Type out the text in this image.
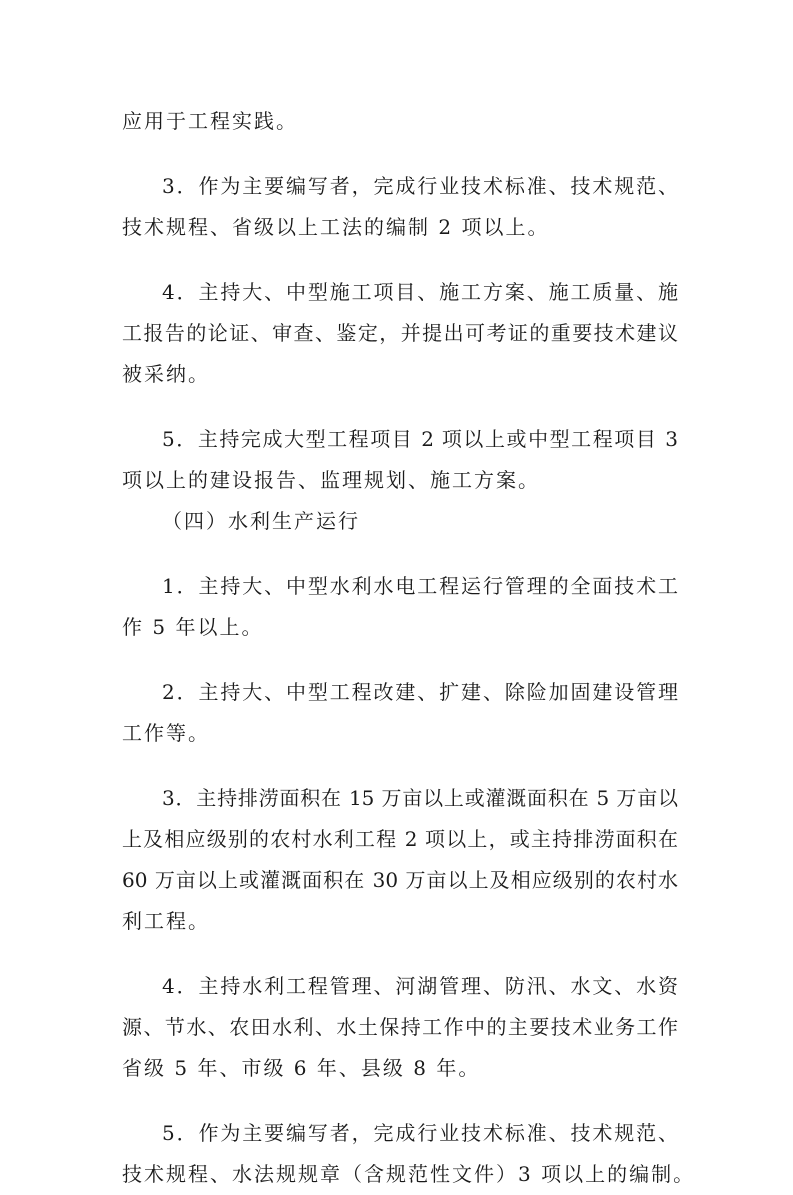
应用于工程实践。
3．作为主要编写者，完成行业技术标准、技术规范、
技术规程、省级以上工法的编制 2 项以上。
4．主持大、中型施工项目、施工方案、施工质量、施
工报告的论证、审查、鉴定，并提出可考证的重要技术建议
被采纳。
5．主持完成大型工程项目 2 项以上或中型工程项目 3
项以上的建设报告、监理规划、施工方案。
（四）水利生产运行
1．主持大、中型水利水电工程运行管理的全面技术工
作 5 年以上。
2．主持大、中型工程改建、扩建、除险加固建设管理
工作等。
3．主持排涝面积在 15 万亩以上或灌溉面积在 5 万亩以
上及相应级别的农村水利工程 2 项以上，或主持排涝面积在
60 万亩以上或灌溉面积在 30 万亩以上及相应级别的农村水
利工程。
4．主持水利工程管理、河湖管理、防汛、水文、水资
源、节水、农田水利、水土保持工作中的主要技术业务工作
省级 5 年、市级 6 年、县级 8 年。
5．作为主要编写者，完成行业技术标准、技术规范、
技术规程、水法规规章（含规范性文件）3 项以上的编制。
